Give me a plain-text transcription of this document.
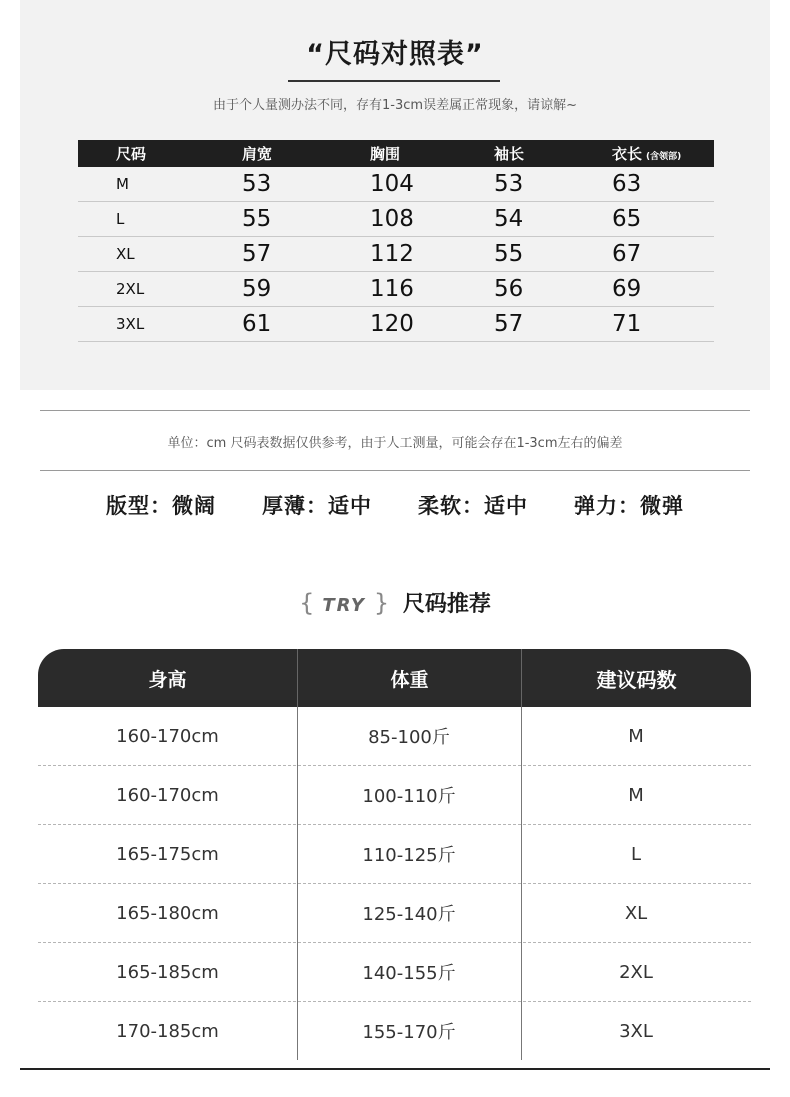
“尺码对照表”
由于个人量测办法不同，存有1-3cm误差属正常现象，请谅解~
尺码	肩宽	胸围	袖长	衣长 (含领部)
M	53	104	53	63
L	55	108	54	65
XL	57	112	55	67
2XL	59	116	56	69
3XL	61	120	57	71
单位：cm 尺码表数据仅供参考，由于人工测量，可能会存在1-3cm左右的偏差
版型：微阔 厚薄：适中 柔软：适中 弹力：微弹
{ TRY } 尺码推荐
身高	体重	建议码数
160-170cm	85-100斤	M
160-170cm	100-110斤	M
165-175cm	110-125斤	L
165-180cm	125-140斤	XL
165-185cm	140-155斤	2XL
170-185cm	155-170斤	3XL
